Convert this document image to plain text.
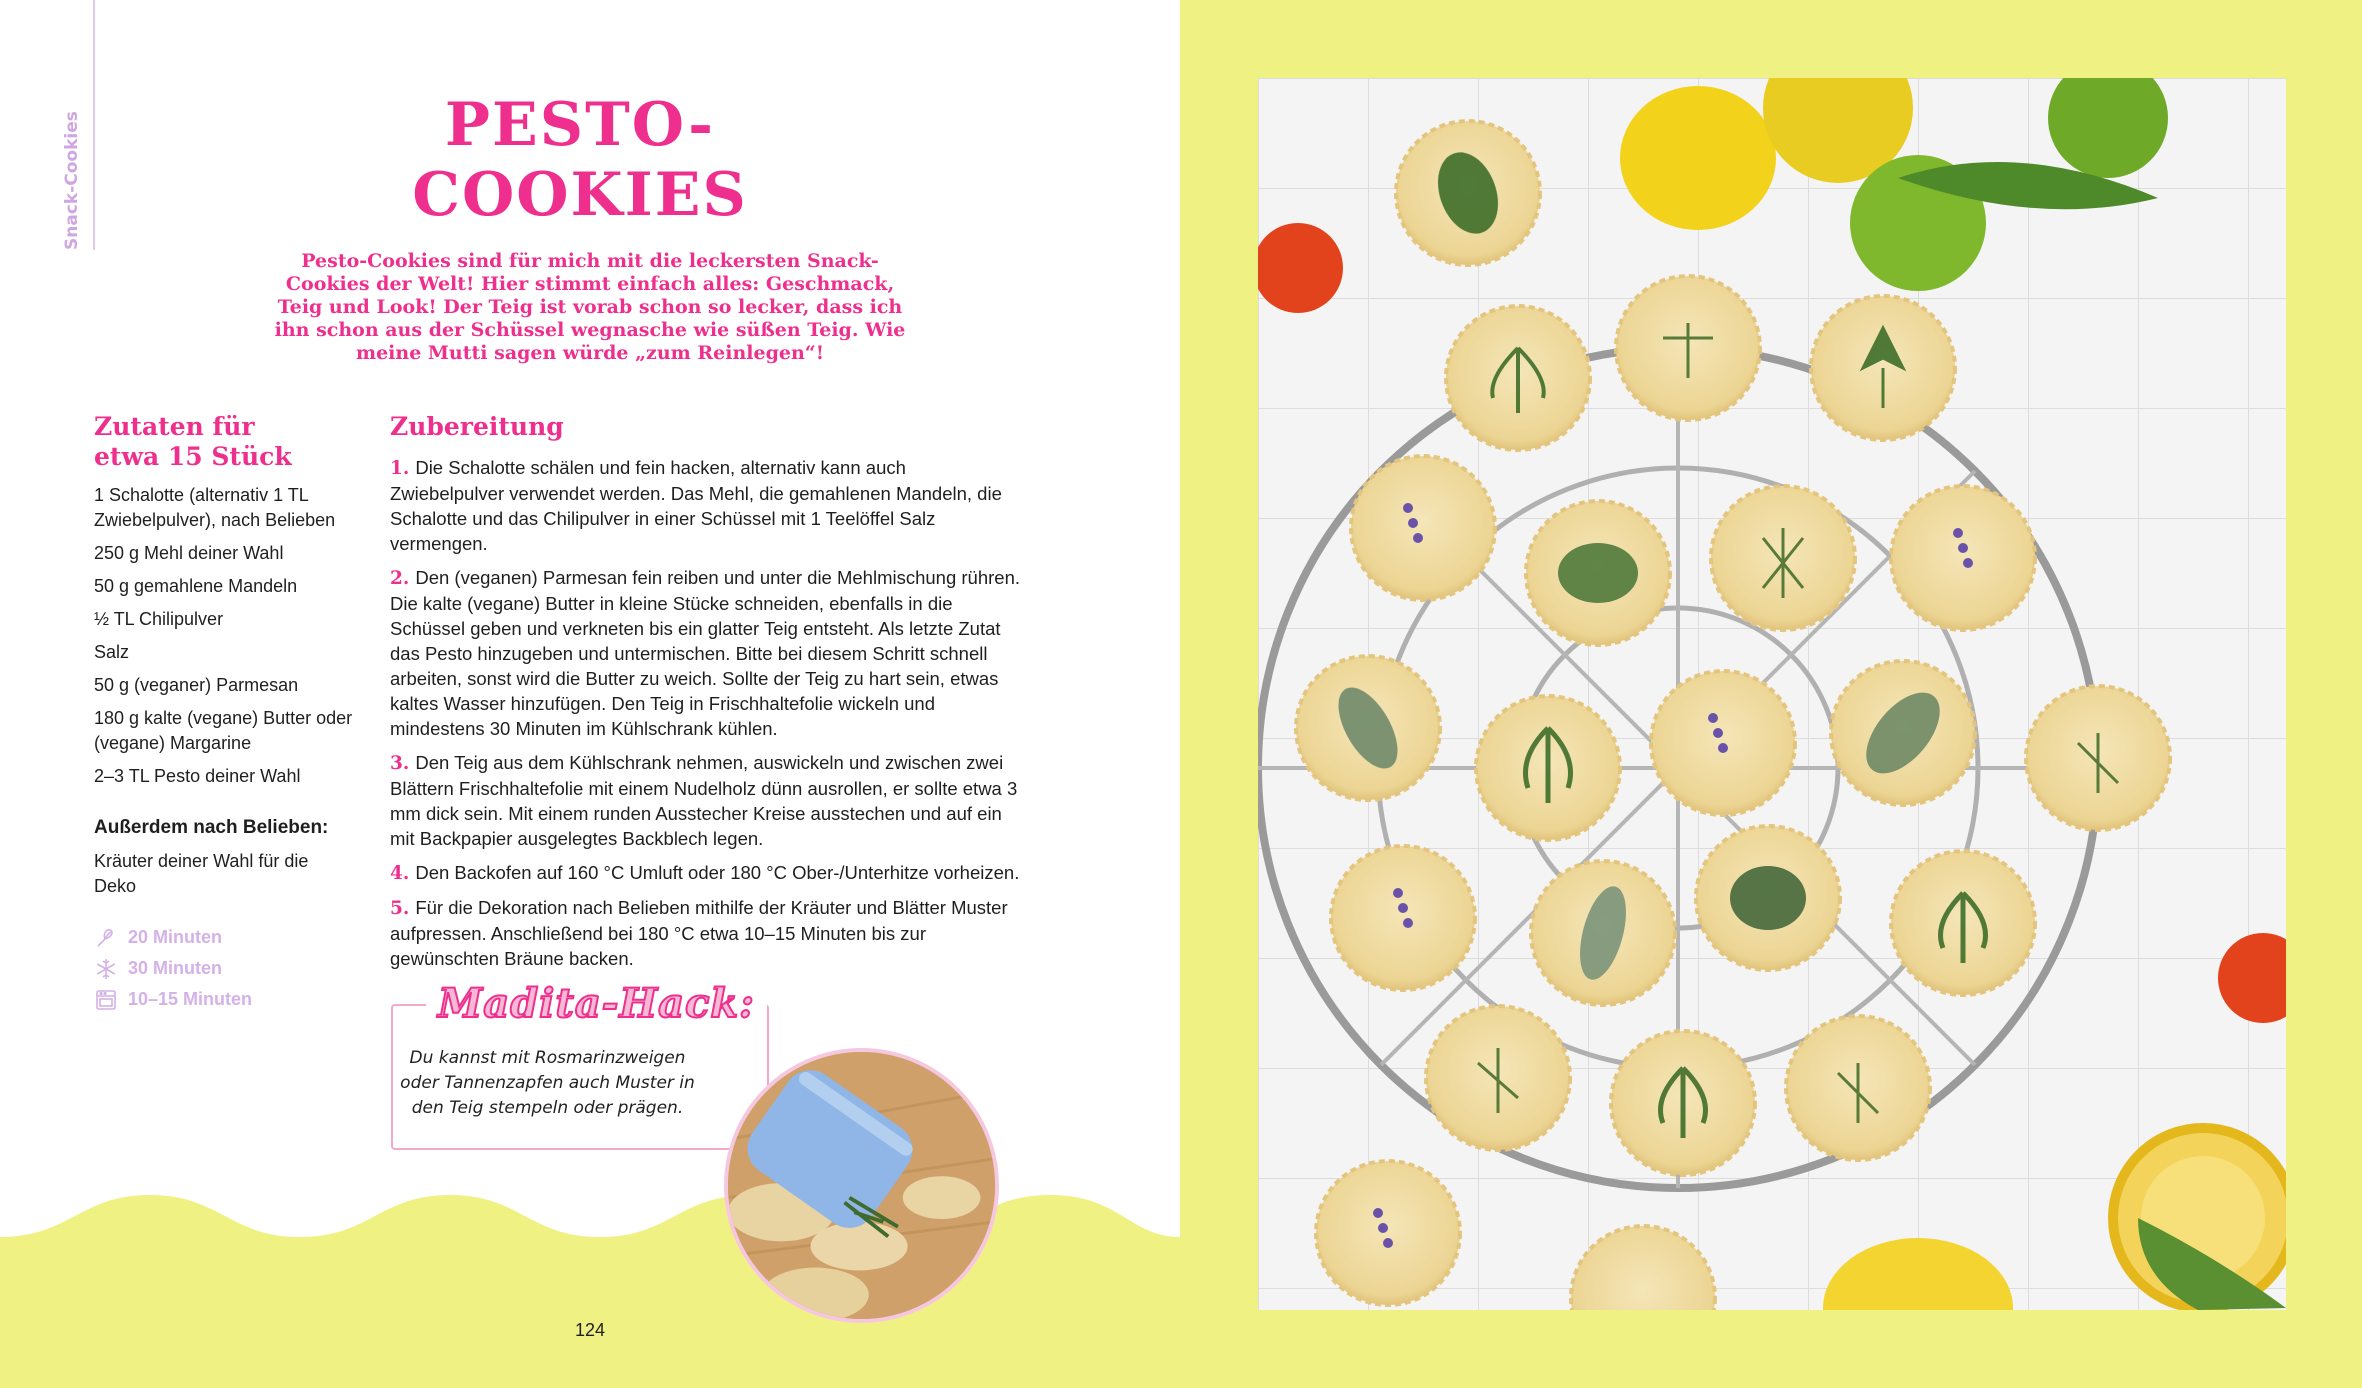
Snack-Cookies	PESTO-
COOKIES

Pesto-Cookies sind für mich mit die leckersten Snack-Cookies der Welt! Hier stimmt einfach alles: Geschmack, Teig und Look! Der Teig ist vorab schon so lecker, dass ich ihn schon aus der Schüssel wegnasche wie süßen Teig. Wie meine Mutti sagen würde „zum Reinlegen“!

Zutaten für
etwa 15 Stück
1 Schalotte (alternativ 1 TL Zwiebelpulver), nach Belieben
250 g Mehl deiner Wahl
50 g gemahlene Mandeln
½ TL Chilipulver
Salz
50 g (veganer) Parmesan
180 g kalte (vegane) Butter oder (vegane) Margarine
2–3 TL Pesto deiner Wahl
Außerdem nach Belieben:
Kräuter deiner Wahl für die Deko
20 Minuten
30 Minuten
10–15 Minuten
Zubereitung

1. Die Schalotte schälen und fein hacken, alternativ kann auch Zwiebelpulver verwendet werden. Das Mehl, die gemahlenen Mandeln, die Schalotte und das Chilipulver in einer Schüssel mit 1 Teelöffel Salz vermengen.

2. Den (veganen) Parmesan fein reiben und unter die Mehlmischung rühren. Die kalte (vegane) Butter in kleine Stücke schneiden, ebenfalls in die Schüssel geben und verkneten bis ein glatter Teig entsteht. Als letzte Zutat das Pesto hinzugeben und untermischen. Bitte bei diesem Schritt schnell arbeiten, sonst wird die Butter zu weich. Sollte der Teig zu hart sein, etwas kaltes Wasser hinzufügen. Den Teig in Frischhaltefolie wickeln und mindestens 30 Minuten im Kühlschrank kühlen.

3. Den Teig aus dem Kühlschrank nehmen, auswickeln und zwischen zwei Blättern Frischhaltefolie mit einem Nudelholz dünn ausrollen, er sollte etwa 3 mm dick sein. Mit einem runden Ausstecher Kreise ausstechen und auf ein mit Backpapier ausgelegtes Backblech legen.

4. Den Backofen auf 160 °C Umluft oder 180 °C Ober-/Unterhitze vorheizen.

5. Für die Dekoration nach Belieben mithilfe der Kräuter und Blätter Muster aufpressen. Anschließend bei 180 °C etwa 10–15 Minuten bis zur gewünschten Bräune backen.

Madita-Hack:

Du kannst mit Rosmarinzweigen oder Tannenzapfen auch Muster in den Teig stempeln oder prägen.

124
